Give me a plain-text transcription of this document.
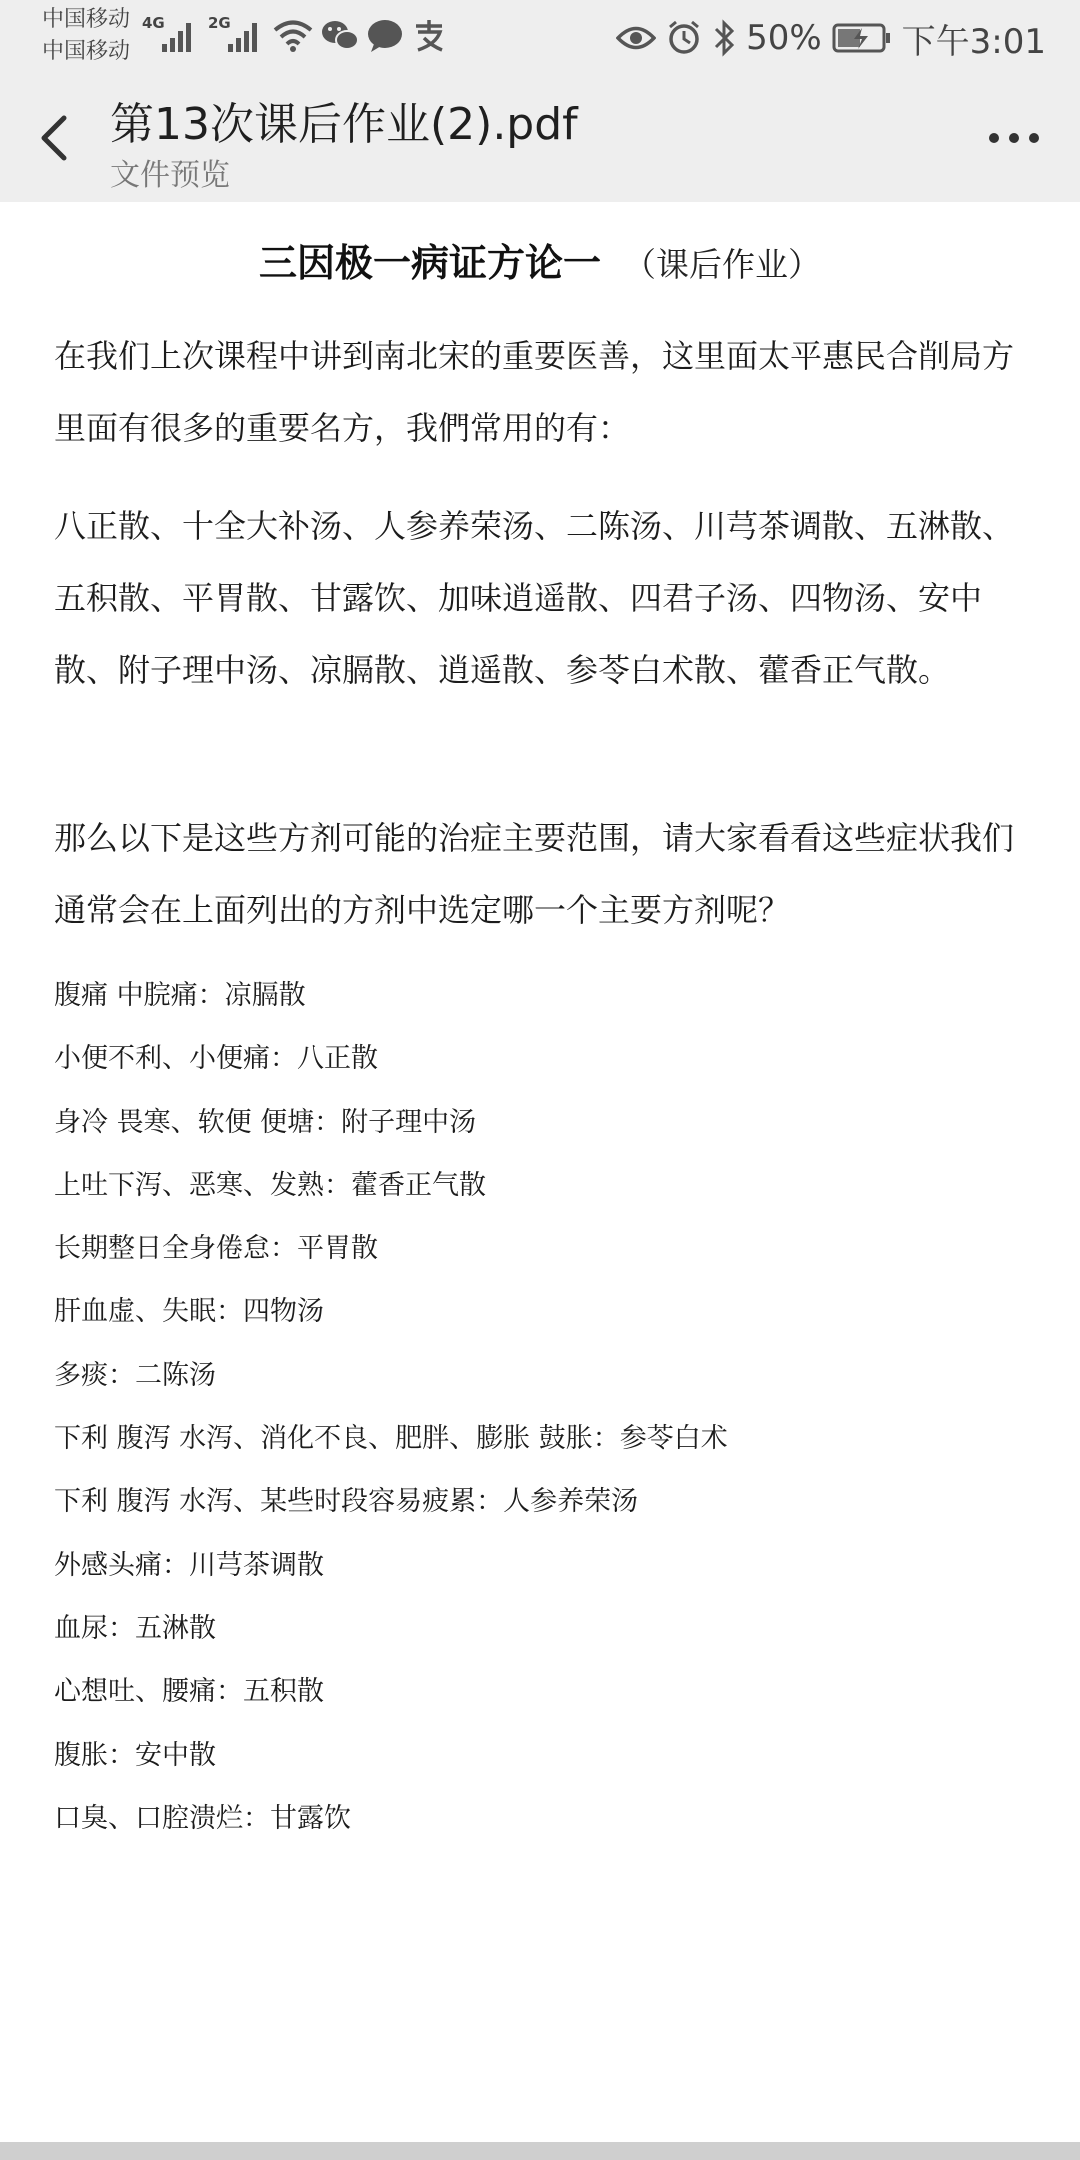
中国移动
中国移动
4G	2G	50% 下午3:01
第13次课后作业(2).pdf
文件预览
三因极一病证方论一 （课后作业）

在我们上次课程中讲到南北宋的重要医善，这里面太平惠民合削局方里面有很多的重要名方，我們常用的有：

八正散、十全大补汤、人参养荣汤、二陈汤、川芎茶调散、五淋散、五积散、平胃散、甘露饮、加味逍遥散、四君子汤、四物汤、安中散、附子理中汤、凉膈散、逍遥散、参苓白术散、藿香正气散。

那么以下是这些方剂可能的治症主要范围，请大家看看这些症状我们通常会在上面列出的方剂中选定哪一个主要方剂呢？

腹痛 中脘痛：凉膈散
小便不利、小便痛：八正散
身冷 畏寒、软便 便塘：附子理中汤
上吐下泻、恶寒、发熟：藿香正气散
长期整日全身倦怠：平胃散
肝血虚、失眠：四物汤
多痰：二陈汤
下利 腹泻 水泻、消化不良、肥胖、膨胀 鼓胀：参苓白术
下利 腹泻 水泻、某些时段容易疲累：人参养荣汤
外感头痛：川芎茶调散
血尿：五淋散
心想吐、腰痛：五积散
腹胀：安中散
口臭、口腔溃烂：甘露饮
